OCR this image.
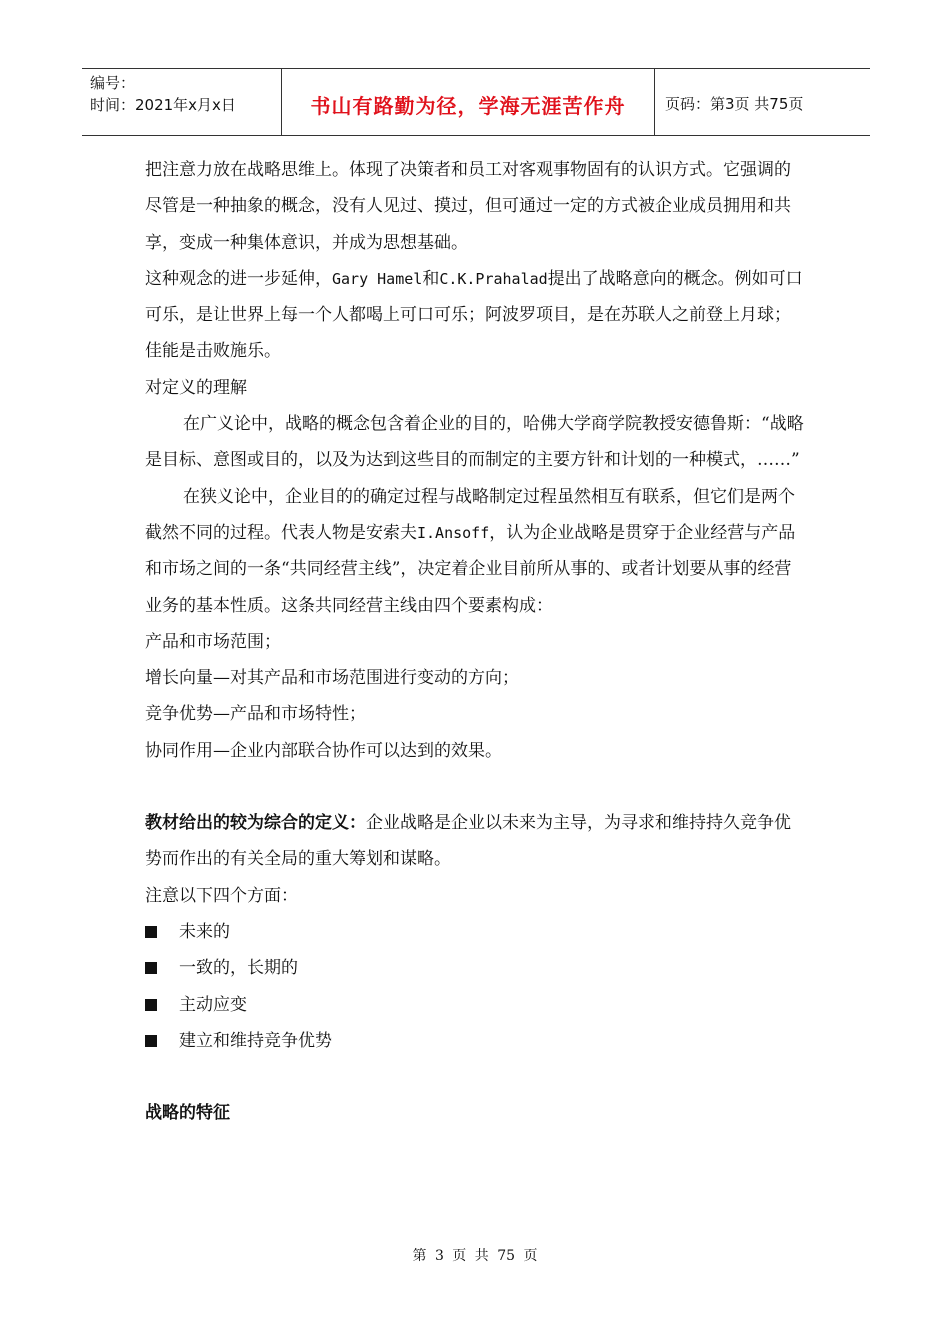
编号：
时间：2021年x月x日	书山有路勤为径，学海无涯苦作舟	页码：第3页 共75页

把注意力放在战略思维上。体现了决策者和员工对客观事物固有的认识方式。它强调的尽管是一种抽象的概念，没有人见过、摸过，但可通过一定的方式被企业成员拥用和共享，变成一种集体意识，并成为思想基础。

这种观念的进一步延伸，Gary Hamel和C.K.Prahalad提出了战略意向的概念。例如可口可乐，是让世界上每一个人都喝上可口可乐；阿波罗项目，是在苏联人之前登上月球；佳能是击败施乐。

对定义的理解

在广义论中，战略的概念包含着企业的目的，哈佛大学商学院教授安德鲁斯：“战略是目标、意图或目的，以及为达到这些目的而制定的主要方针和计划的一种模式，……”

在狭义论中，企业目的的确定过程与战略制定过程虽然相互有联系，但它们是两个截然不同的过程。代表人物是安索夫I.Ansoff，认为企业战略是贯穿于企业经营与产品和市场之间的一条“共同经营主线”，决定着企业目前所从事的、或者计划要从事的经营业务的基本性质。这条共同经营主线由四个要素构成：

产品和市场范围；

增长向量—对其产品和市场范围进行变动的方向；

竞争优势—产品和市场特性；

协同作用—企业内部联合协作可以达到的效果。

教材给出的较为综合的定义：企业战略是企业以未来为主导，为寻求和维持持久竞争优势而作出的有关全局的重大筹划和谋略。

注意以下四个方面：

未来的
一致的，长期的
主动应变
建立和维持竞争优势

战略的特征

第 3 页 共 75 页
